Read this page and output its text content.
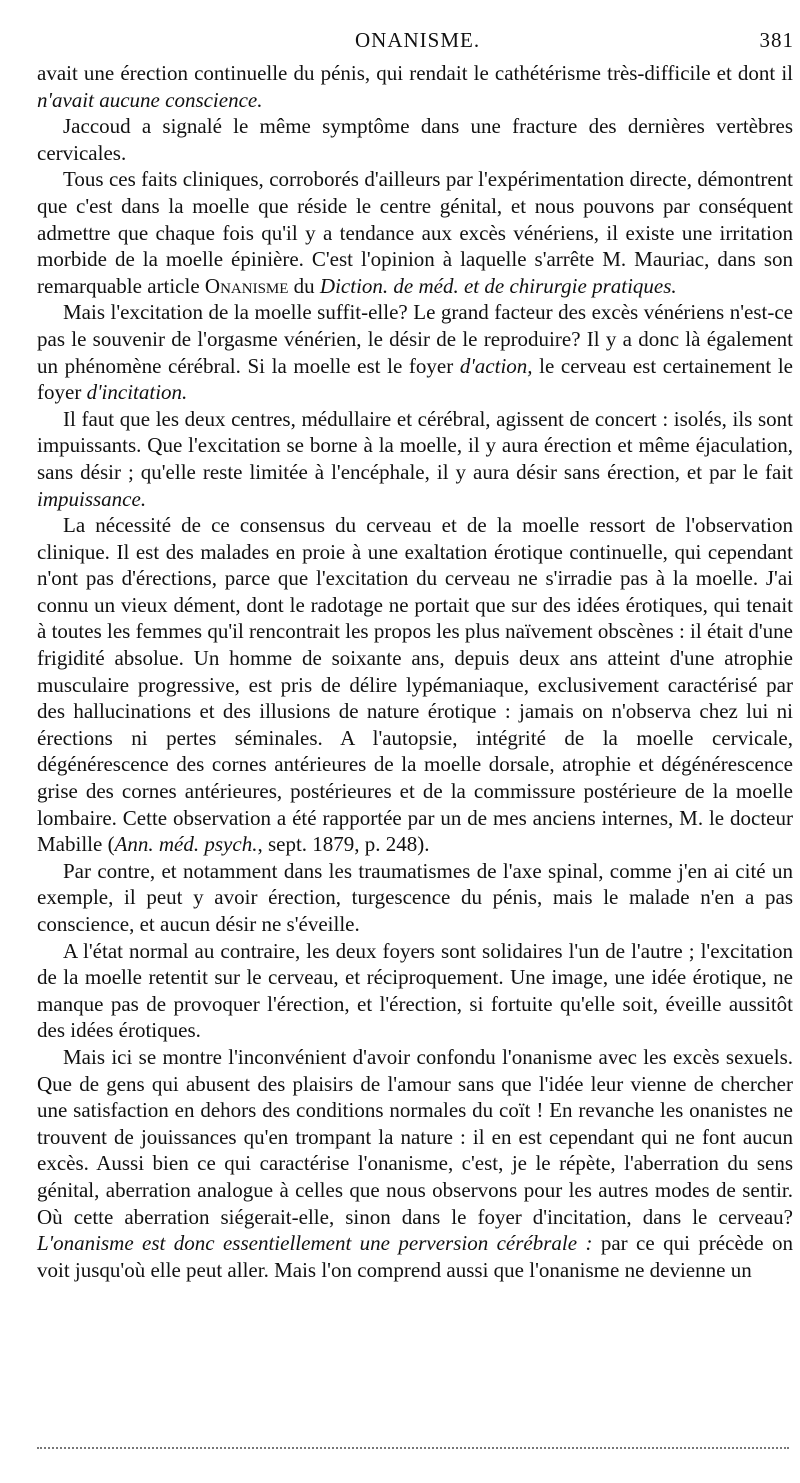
ONANISME.	381

avait une érection continuelle du pénis, qui rendait le cathétérisme très-difficile et dont il n'avait aucune conscience.

Jaccoud a signalé le même symptôme dans une fracture des dernières vertèbres cervicales.

Tous ces faits cliniques, corroborés d'ailleurs par l'expérimentation directe, démontrent que c'est dans la moelle que réside le centre génital, et nous pouvons par conséquent admettre que chaque fois qu'il y a tendance aux excès vénériens, il existe une irritation morbide de la moelle épinière. C'est l'opinion à laquelle s'arrête M. Mauriac, dans son remarquable article Onanisme du Diction. de méd. et de chirurgie pratiques.

Mais l'excitation de la moelle suffit-elle? Le grand facteur des excès vénériens n'est-ce pas le souvenir de l'orgasme vénérien, le désir de le reproduire? Il y a donc là également un phénomène cérébral. Si la moelle est le foyer d'action, le cerveau est certainement le foyer d'incitation.

Il faut que les deux centres, médullaire et cérébral, agissent de concert : isolés, ils sont impuissants. Que l'excitation se borne à la moelle, il y aura érection et même éjaculation, sans désir ; qu'elle reste limitée à l'encéphale, il y aura désir sans érection, et par le fait impuissance.

La nécessité de ce consensus du cerveau et de la moelle ressort de l'observation clinique. Il est des malades en proie à une exaltation érotique continuelle, qui cependant n'ont pas d'érections, parce que l'excitation du cerveau ne s'irradie pas à la moelle. J'ai connu un vieux dément, dont le radotage ne portait que sur des idées érotiques, qui tenait à toutes les femmes qu'il rencontrait les propos les plus naïvement obscènes : il était d'une frigidité absolue. Un homme de soixante ans, depuis deux ans atteint d'une atrophie musculaire progressive, est pris de délire lypémaniaque, exclusivement caractérisé par des hallucinations et des illusions de nature érotique : jamais on n'observa chez lui ni érections ni pertes séminales. A l'autopsie, intégrité de la moelle cervicale, dégénérescence des cornes antérieures de la moelle dorsale, atrophie et dégénérescence grise des cornes antérieures, postérieures et de la commissure postérieure de la moelle lombaire. Cette observation a été rapportée par un de mes anciens internes, M. le docteur Mabille (Ann. méd. psych., sept. 1879, p. 248).

Par contre, et notamment dans les traumatismes de l'axe spinal, comme j'en ai cité un exemple, il peut y avoir érection, turgescence du pénis, mais le malade n'en a pas conscience, et aucun désir ne s'éveille.

A l'état normal au contraire, les deux foyers sont solidaires l'un de l'autre ; l'excitation de la moelle retentit sur le cerveau, et réciproquement. Une image, une idée érotique, ne manque pas de provoquer l'érection, et l'érection, si fortuite qu'elle soit, éveille aussitôt des idées érotiques.

Mais ici se montre l'inconvénient d'avoir confondu l'onanisme avec les excès sexuels. Que de gens qui abusent des plaisirs de l'amour sans que l'idée leur vienne de chercher une satisfaction en dehors des conditions normales du coït ! En revanche les onanistes ne trouvent de jouissances qu'en trompant la nature : il en est cependant qui ne font aucun excès. Aussi bien ce qui caractérise l'onanisme, c'est, je le répète, l'aberration du sens génital, aberration analogue à celles que nous observons pour les autres modes de sentir. Où cette aberration siégerait-elle, sinon dans le foyer d'incitation, dans le cerveau? L'onanisme est donc essentiellement une perversion cérébrale : par ce qui précède on voit jusqu'où elle peut aller. Mais l'on comprend aussi que l'onanisme ne devienne un
